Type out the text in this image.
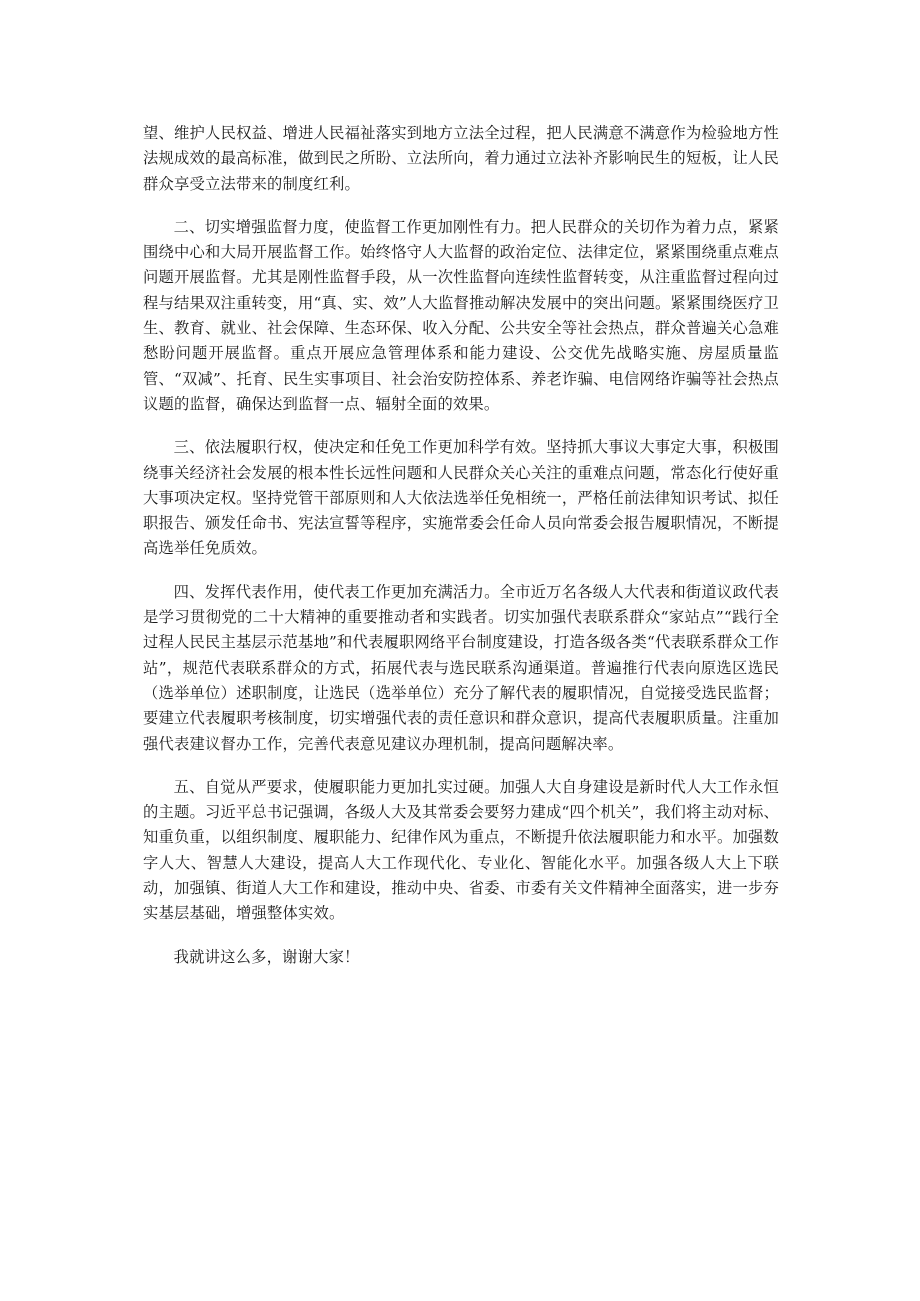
望、维护人民权益、增进人民福祉落实到地方立法全过程，把人民满意不满意作为检验地方性法规成效的最高标准，做到民之所盼、立法所向，着力通过立法补齐影响民生的短板，让人民群众享受立法带来的制度红利。

二、切实增强监督力度，使监督工作更加刚性有力。把人民群众的关切作为着力点，紧紧围绕中心和大局开展监督工作。始终恪守人大监督的政治定位、法律定位，紧紧围绕重点难点问题开展监督。尤其是刚性监督手段，从一次性监督向连续性监督转变，从注重监督过程向过程与结果双注重转变，用“真、实、效”人大监督推动解决发展中的突出问题。紧紧围绕医疗卫生、教育、就业、社会保障、生态环保、收入分配、公共安全等社会热点，群众普遍关心急难愁盼问题开展监督。重点开展应急管理体系和能力建设、公交优先战略实施、房屋质量监管、“双减”、托育、民生实事项目、社会治安防控体系、养老诈骗、电信网络诈骗等社会热点议题的监督，确保达到监督一点、辐射全面的效果。

三、依法履职行权，使决定和任免工作更加科学有效。坚持抓大事议大事定大事，积极围绕事关经济社会发展的根本性长远性问题和人民群众关心关注的重难点问题，常态化行使好重大事项决定权。坚持党管干部原则和人大依法选举任免相统一，严格任前法律知识考试、拟任职报告、颁发任命书、宪法宣誓等程序，实施常委会任命人员向常委会报告履职情况，不断提高选举任免质效。

四、发挥代表作用，使代表工作更加充满活力。全市近万名各级人大代表和街道议政代表是学习贯彻党的二十大精神的重要推动者和实践者。切实加强代表联系群众“家站点”“践行全过程人民民主基层示范基地”和代表履职网络平台制度建设，打造各级各类“代表联系群众工作站”，规范代表联系群众的方式，拓展代表与选民联系沟通渠道。普遍推行代表向原选区选民（选举单位）述职制度，让选民（选举单位）充分了解代表的履职情况，自觉接受选民监督；要建立代表履职考核制度，切实增强代表的责任意识和群众意识，提高代表履职质量。注重加强代表建议督办工作，完善代表意见建议办理机制，提高问题解决率。

五、自觉从严要求，使履职能力更加扎实过硬。加强人大自身建设是新时代人大工作永恒的主题。习近平总书记强调，各级人大及其常委会要努力建成“四个机关”，我们将主动对标、知重负重，以组织制度、履职能力、纪律作风为重点，不断提升依法履职能力和水平。加强数字人大、智慧人大建设，提高人大工作现代化、专业化、智能化水平。加强各级人大上下联动，加强镇、街道人大工作和建设，推动中央、省委、市委有关文件精神全面落实，进一步夯实基层基础，增强整体实效。

我就讲这么多，谢谢大家！
